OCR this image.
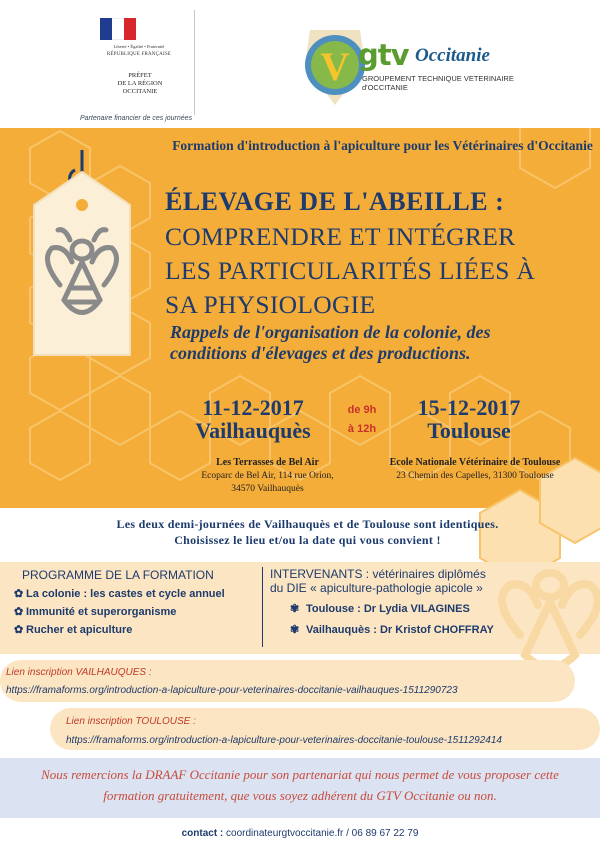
Liberté • Égalité • Fraternité
RÉPUBLIQUE FRANÇAISE
PRÉFET
DE LA RÉGION
OCCITANIE
Partenaire financier de ces journées
V gtv Occitanie
GROUPEMENT TECHNIQUE VETERINAIRE
d'OCCITANIE
Formation d'introduction à l'apiculture pour les Vétérinaires d'Occitanie
ÉLEVAGE DE L'ABEILLE :
COMPRENDRE ET INTÉGRER
LES PARTICULARITÉS LIÉES À
SA PHYSIOLOGIE
Rappels de l'organisation de la colonie, des
conditions d'élevages et des productions.
11-12-2017
Vailhauquès
de 9h
à 12h
15-12-2017
Toulouse
Les Terrasses de Bel Air
Ecoparc de Bel Air, 114 rue Orion,
34570 Vailhauquès
Ecole Nationale Vétérinaire de Toulouse
23 Chemin des Capelles, 31300 Toulouse
Les deux demi-journées de Vailhauquès et de Toulouse sont identiques.
Choisissez le lieu et/ou la date qui vous convient !
PROGRAMME DE LA FORMATION
✿ La colonie : les castes et cycle annuel
✿ Immunité et superorganisme
✿ Rucher et apiculture
INTERVENANTS : vétérinaires diplômés
du DIE « apiculture-pathologie apicole »
✾ Toulouse : Dr Lydia VILAGINES
✾ Vailhauquès : Dr Kristof CHOFFRAY
Lien inscription VAILHAUQUES :
https://framaforms.org/introduction-a-lapiculture-pour-veterinaires-doccitanie-vailhauques-1511290723
Lien inscription TOULOUSE :
https://framaforms.org/introduction-a-lapiculture-pour-veterinaires-doccitanie-toulouse-1511292414
Nous remercions la DRAAF Occitanie pour son partenariat qui nous permet de vous proposer cette
formation gratuitement, que vous soyez adhérent du GTV Occitanie ou non.
contact : coordinateurgtvoccitanie.fr / 06 89 67 22 79
